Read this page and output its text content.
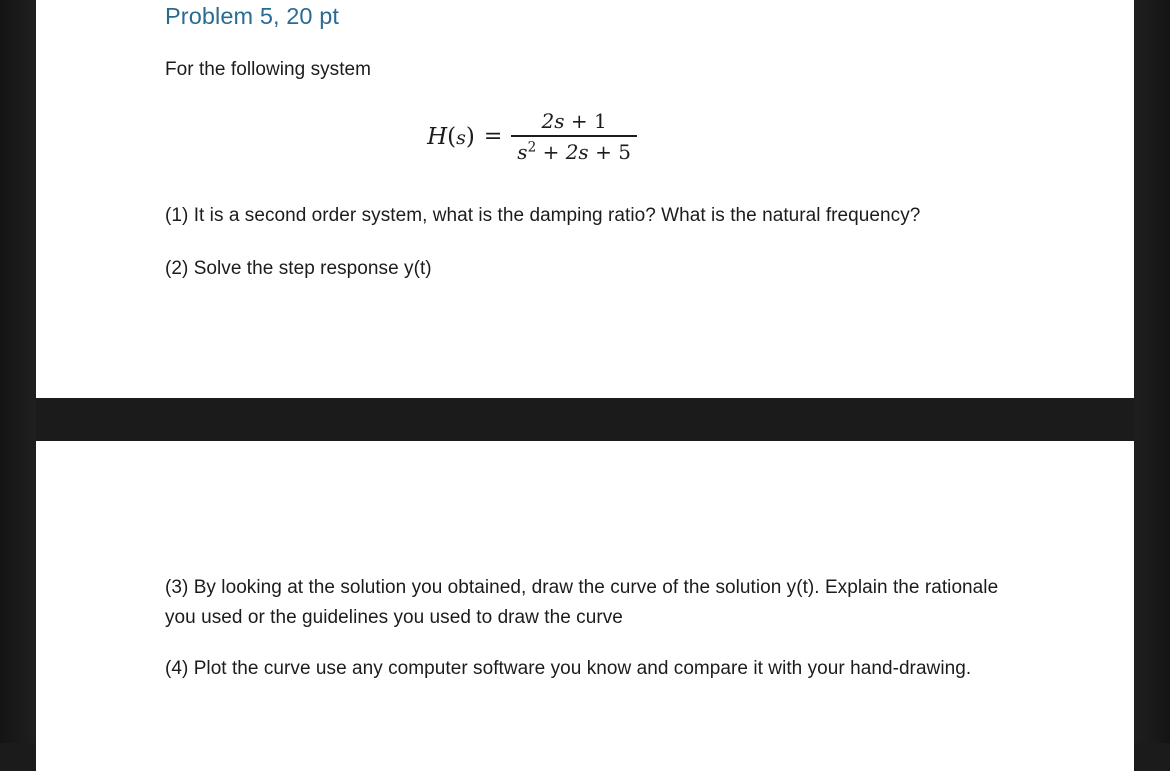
Problem 5, 20 pt

For the following system

$H(s) = \frac{2s + 1}{s^2 + 2s + 5}$

(1) It is a second order system, what is the damping ratio? What is the natural frequency?

(2) Solve the step response y(t)

(3) By looking at the solution you obtained, draw the curve of the solution y(t). Explain the rationale you used or the guidelines you used to draw the curve

(4) Plot the curve use any computer software you know and compare it with your hand-drawing.
